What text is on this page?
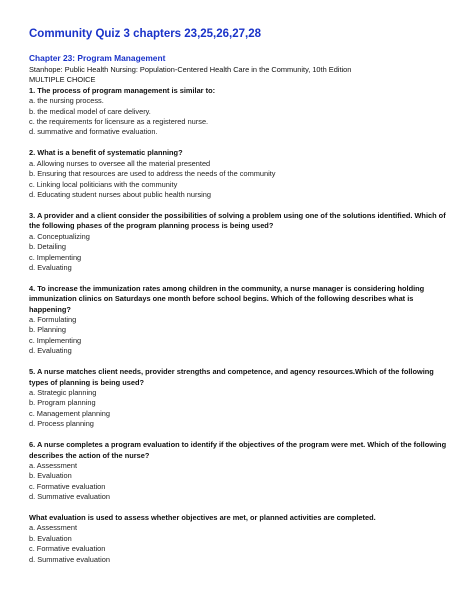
Community Quiz 3 chapters 23,25,26,27,28
Chapter 23: Program Management
Stanhope: Public Health Nursing: Population-Centered Health Care in the Community, 10th Edition
MULTIPLE CHOICE
1. The process of program management is similar to:
a. the nursing process.
b. the medical model of care delivery.
c. the requirements for licensure as a registered nurse.
d. summative and formative evaluation.
2. What is a benefit of systematic planning?
a. Allowing nurses to oversee all the material presented
b. Ensuring that resources are used to address the needs of the community
c. Linking local politicians with the community
d. Educating student nurses about public health nursing
3. A provider and a client consider the possibilities of solving a problem using one of the solutions identified. Which of the following phases of the program planning process is being used?
a. Conceptualizing
b. Detailing
c. Implementing
d. Evaluating
4. To increase the immunization rates among children in the community, a nurse manager is considering holding immunization clinics on Saturdays one month before school begins. Which of the following describes what is happening?
a. Formulating
b. Planning
c. Implementing
d. Evaluating
5. A nurse matches client needs, provider strengths and competence, and agency resources.Which of the following types of planning is being used?
a. Strategic planning
b. Program planning
c. Management planning
d. Process planning
6. A nurse completes a program evaluation to identify if the objectives of the program were met. Which of the following describes the action of the nurse?
a. Assessment
b. Evaluation
c. Formative evaluation
d. Summative evaluation
What evaluation is used to assess whether objectives are met, or planned activities are completed.
a. Assessment
b. Evaluation
c. Formative evaluation
d. Summative evaluation
